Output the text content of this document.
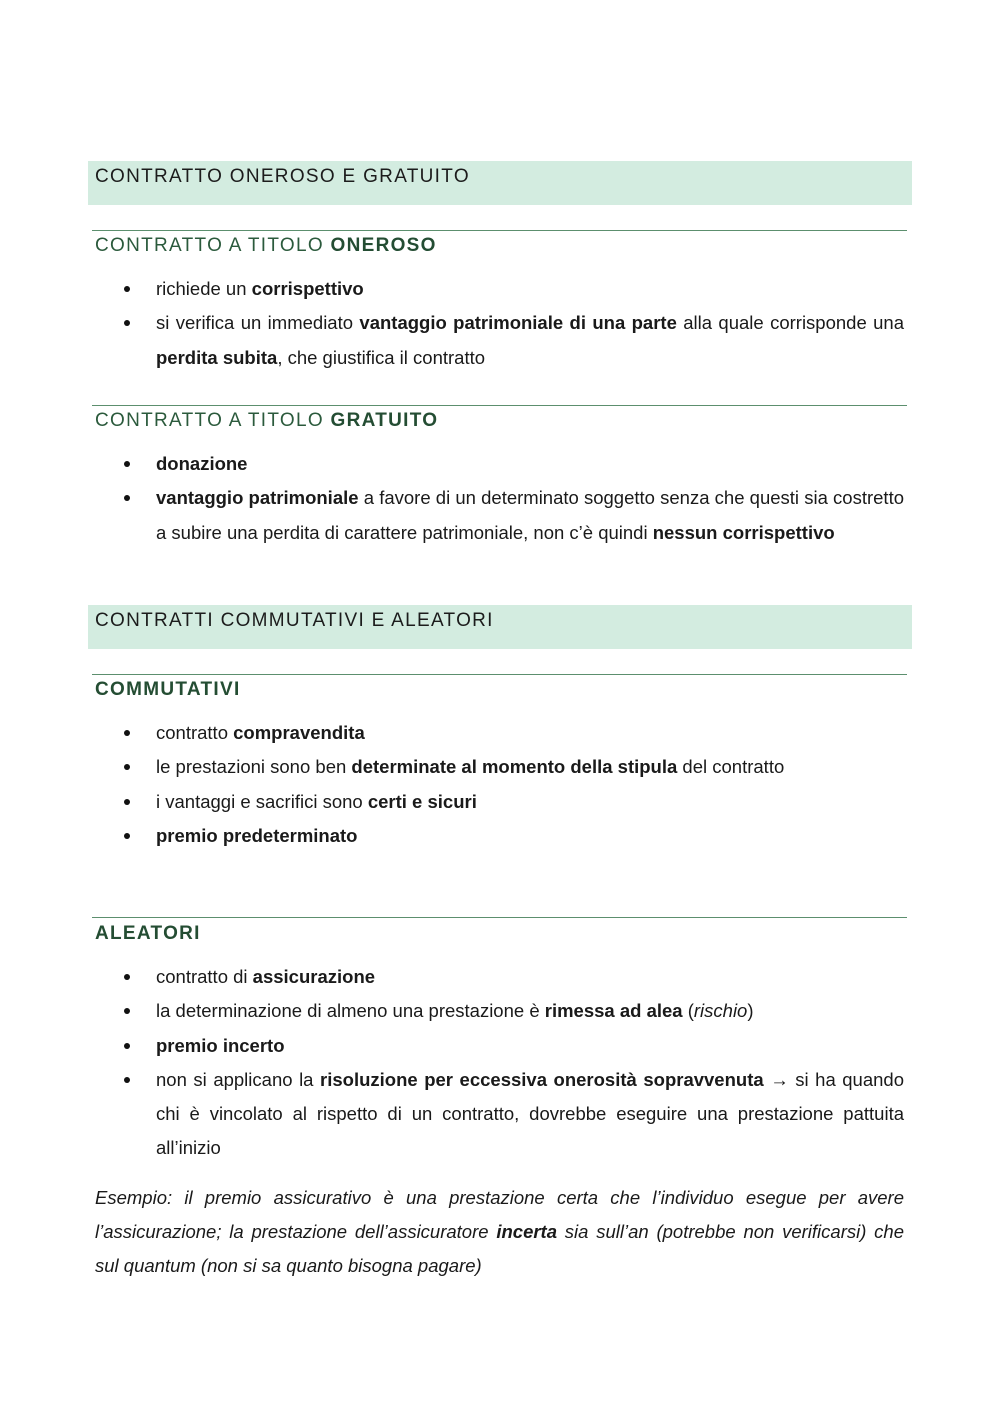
CONTRATTO ONEROSO E GRATUITO
CONTRATTO A TITOLO ONEROSO
richiede un corrispettivo
si verifica un immediato vantaggio patrimoniale di una parte alla quale corrisponde una perdita subita, che giustifica il contratto
CONTRATTO A TITOLO GRATUITO
donazione
vantaggio patrimoniale a favore di un determinato soggetto senza che questi sia costretto a subire una perdita di carattere patrimoniale, non c’è quindi nessun corrispettivo
CONTRATTI COMMUTATIVI E ALEATORI
COMMUTATIVI
contratto compravendita
le prestazioni sono ben determinate al momento della stipula del contratto
i vantaggi e sacrifici sono certi e sicuri
premio predeterminato
ALEATORI
contratto di assicurazione
la determinazione di almeno una prestazione è rimessa ad alea (rischio)
premio incerto
non si applicano la risoluzione per eccessiva onerosità sopravvenuta → si ha quando chi è vincolato al rispetto di un contratto, dovrebbe eseguire una prestazione pattuita all’inizio
Esempio: il premio assicurativo è una prestazione certa che l’individuo esegue per avere l’assicurazione; la prestazione dell’assicuratore incerta sia sull’an (potrebbe non verificarsi) che sul quantum (non si sa quanto bisogna pagare)
